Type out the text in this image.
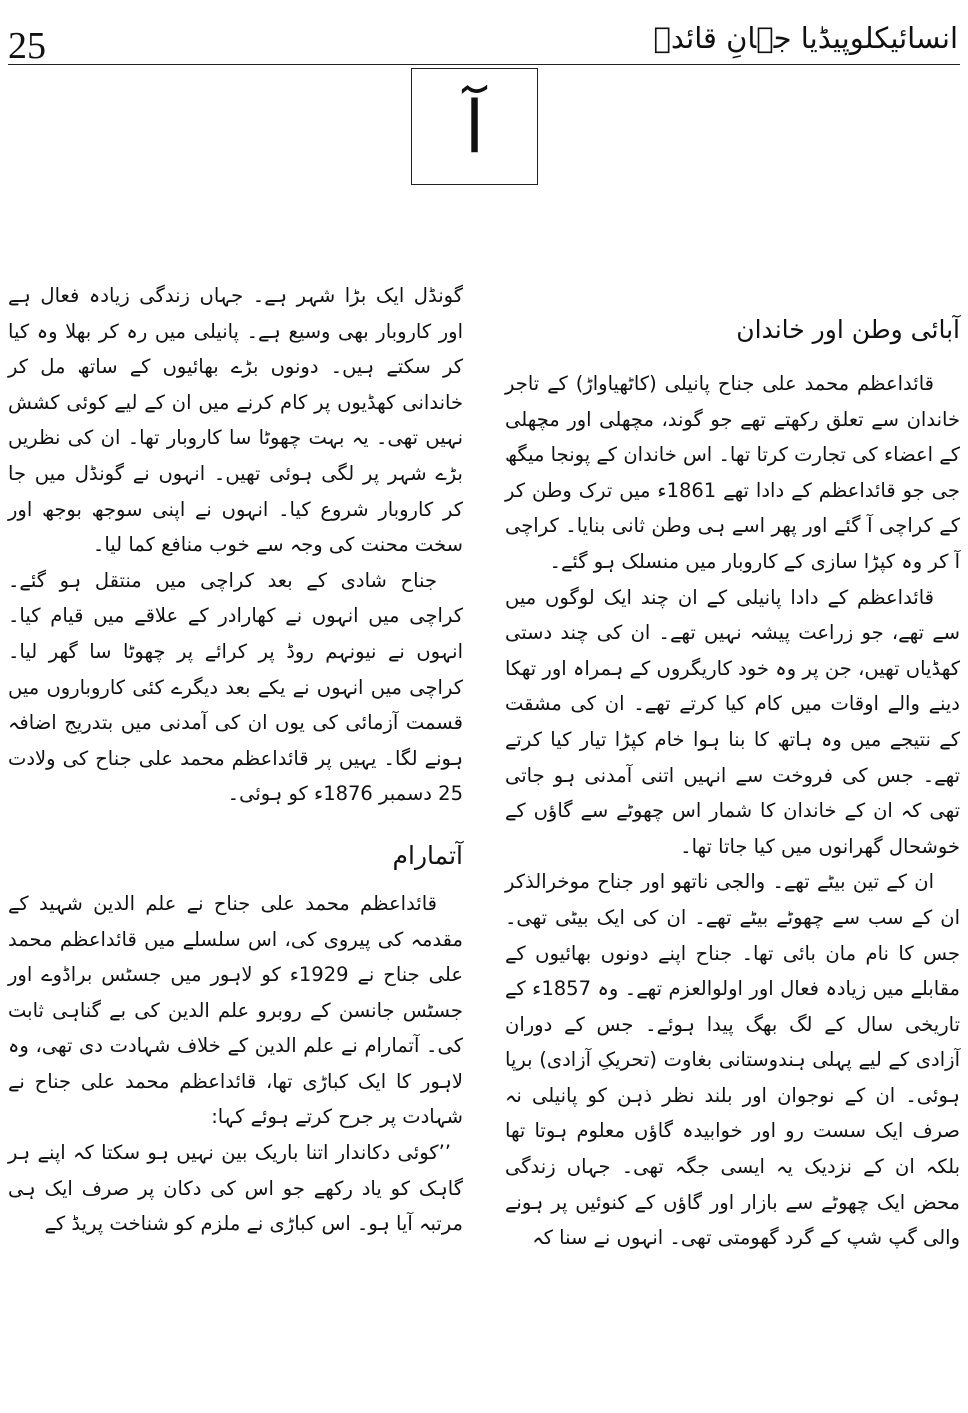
25	انسائیکلوپیڈیا جہانِ قائدؒ
آ
آبائی وطن اور خاندان

قائداعظم محمد علی جناح پانیلی (کاٹھیاواڑ) کے تاجر خاندان سے تعلق رکھتے تھے جو گوند، مچھلی اور مچھلی کے اعضاء کی تجارت کرتا تھا۔ اس خاندان کے پونجا میگھ جی جو قائداعظم کے دادا تھے 1861ء میں ترک وطن کر کے کراچی آ گئے اور پھر اسے ہی وطن ثانی بنایا۔ کراچی آ کر وہ کپڑا سازی کے کاروبار میں منسلک ہو گئے۔

قائداعظم کے دادا پانیلی کے ان چند ایک لوگوں میں سے تھے، جو زراعت پیشہ نہیں تھے۔ ان کی چند دستی کھڈیاں تھیں، جن پر وہ خود کاریگروں کے ہمراہ اور تھکا دینے والے اوقات میں کام کیا کرتے تھے۔ ان کی مشقت کے نتیجے میں وہ ہاتھ کا بنا ہوا خام کپڑا تیار کیا کرتے تھے۔ جس کی فروخت سے انہیں اتنی آمدنی ہو جاتی تھی کہ ان کے خاندان کا شمار اس چھوٹے سے گاؤں کے خوشحال گھرانوں میں کیا جاتا تھا۔

ان کے تین بیٹے تھے۔ والجی ناتھو اور جناح موخرالذکر ان کے سب سے چھوٹے بیٹے تھے۔ ان کی ایک بیٹی تھی۔ جس کا نام مان بائی تھا۔ جناح اپنے دونوں بھائیوں کے مقابلے میں زیادہ فعال اور اولوالعزم تھے۔ وہ 1857ء کے تاریخی سال کے لگ بھگ پیدا ہوئے۔ جس کے دوران آزادی کے لیے پہلی ہندوستانی بغاوت (تحریکِ آزادی) برپا ہوئی۔ ان کے نوجوان اور بلند نظر ذہن کو پانیلی نہ صرف ایک سست رو اور خوابیدہ گاؤں معلوم ہوتا تھا بلکہ ان کے نزدیک یہ ایسی جگہ تھی۔ جہاں زندگی محض ایک چھوٹے سے بازار اور گاؤں کے کنوئیں پر ہونے والی گپ شپ کے گرد گھومتی تھی۔ انہوں نے سنا کہ

گونڈل ایک بڑا شہر ہے۔ جہاں زندگی زیادہ فعال ہے اور کاروبار بھی وسیع ہے۔ پانیلی میں رہ کر بھلا وہ کیا کر سکتے ہیں۔ دونوں بڑے بھائیوں کے ساتھ مل کر خاندانی کھڈیوں پر کام کرنے میں ان کے لیے کوئی کشش نہیں تھی۔ یہ بہت چھوٹا سا کاروبار تھا۔ ان کی نظریں بڑے شہر پر لگی ہوئی تھیں۔ انہوں نے گونڈل میں جا کر کاروبار شروع کیا۔ انہوں نے اپنی سوجھ بوجھ اور سخت محنت کی وجہ سے خوب منافع کما لیا۔

جناح شادی کے بعد کراچی میں منتقل ہو گئے۔ کراچی میں انہوں نے کھارادر کے علاقے میں قیام کیا۔ انہوں نے نیونہم روڈ پر کرائے پر چھوٹا سا گھر لیا۔ کراچی میں انہوں نے یکے بعد دیگرے کئی کاروباروں میں قسمت آزمائی کی یوں ان کی آمدنی میں بتدریج اضافہ ہونے لگا۔ یہیں پر قائداعظم محمد علی جناح کی ولادت 25 دسمبر 1876ء کو ہوئی۔

آتمارام

قائداعظم محمد علی جناح نے علم الدین شہید کے مقدمہ کی پیروی کی، اس سلسلے میں قائداعظم محمد علی جناح نے 1929ء کو لاہور میں جسٹس براڈوے اور جسٹس جانسن کے روبرو علم الدین کی بے گناہی ثابت کی۔ آتمارام نے علم الدین کے خلاف شہادت دی تھی، وہ لاہور کا ایک کباڑی تھا، قائداعظم محمد علی جناح نے شہادت پر جرح کرتے ہوئے کہا:

’’کوئی دکاندار اتنا باریک بین نہیں ہو سکتا کہ اپنے ہر گاہک کو یاد رکھے جو اس کی دکان پر صرف ایک ہی مرتبہ آیا ہو۔ اس کباڑی نے ملزم کو شناخت پریڈ کے
